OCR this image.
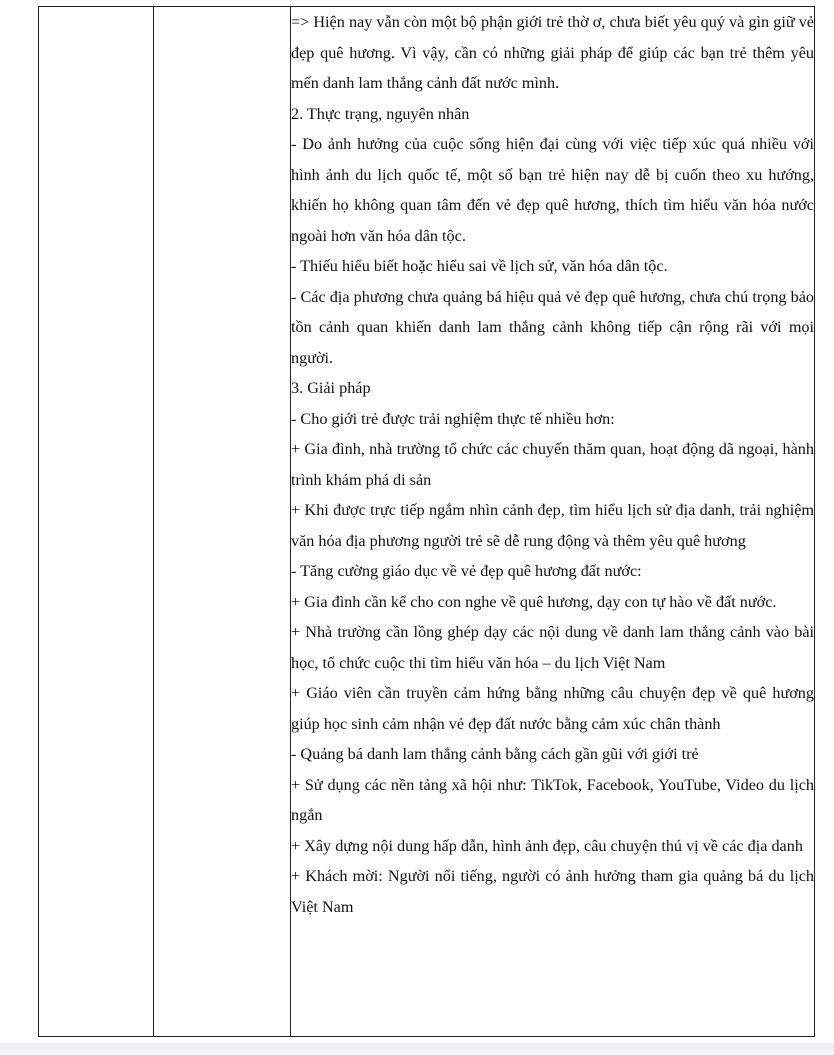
=> Hiện nay vẫn còn một bộ phận giới trẻ thờ ơ, chưa biết yêu quý và gìn giữ vẻ đẹp quê hương. Vì vậy, cần có những giải pháp để giúp các bạn trẻ thêm yêu mến danh lam thắng cảnh đất nước mình.

2. Thực trạng, nguyên nhân

- Do ảnh hưởng của cuộc sống hiện đại cùng với việc tiếp xúc quá nhiều với hình ảnh du lịch quốc tế, một số bạn trẻ hiện nay dễ bị cuốn theo xu hướng, khiến họ không quan tâm đến vẻ đẹp quê hương, thích tìm hiểu văn hóa nước ngoài hơn văn hóa dân tộc.

- Thiếu hiểu biết hoặc hiểu sai về lịch sử, văn hóa dân tộc.

- Các địa phương chưa quảng bá hiệu quả vẻ đẹp quê hương, chưa chú trọng bảo tồn cảnh quan khiến danh lam thắng cảnh không tiếp cận rộng rãi với mọi người.

3. Giải pháp

- Cho giới trẻ được trải nghiệm thực tế nhiều hơn:

+ Gia đình, nhà trường tổ chức các chuyến thăm quan, hoạt động dã ngoại, hành trình khám phá di sản

+ Khi được trực tiếp ngắm nhìn cảnh đẹp, tìm hiểu lịch sử địa danh, trải nghiệm văn hóa địa phương người trẻ sẽ dễ rung động và thêm yêu quê hương

- Tăng cường giáo dục về vẻ đẹp quê hương đất nước:

+ Gia đình cần kể cho con nghe về quê hương, dạy con tự hào về đất nước.

+ Nhà trường cần lồng ghép dạy các nội dung về danh lam thắng cảnh vào bài học, tổ chức cuộc thi tìm hiểu văn hóa – du lịch Việt Nam

+ Giáo viên cần truyền cảm hứng bằng những câu chuyện đẹp về quê hương giúp học sinh cảm nhận vẻ đẹp đất nước bằng cảm xúc chân thành

- Quảng bá danh lam thắng cảnh bằng cách gần gũi với giới trẻ

+ Sử dụng các nền tảng xã hội như: TikTok, Facebook, YouTube, Video du lịch ngắn

+ Xây dựng nội dung hấp dẫn, hình ảnh đẹp, câu chuyện thú vị về các địa danh

+ Khách mời: Người nổi tiếng, người có ảnh hưởng tham gia quảng bá du lịch Việt Nam
